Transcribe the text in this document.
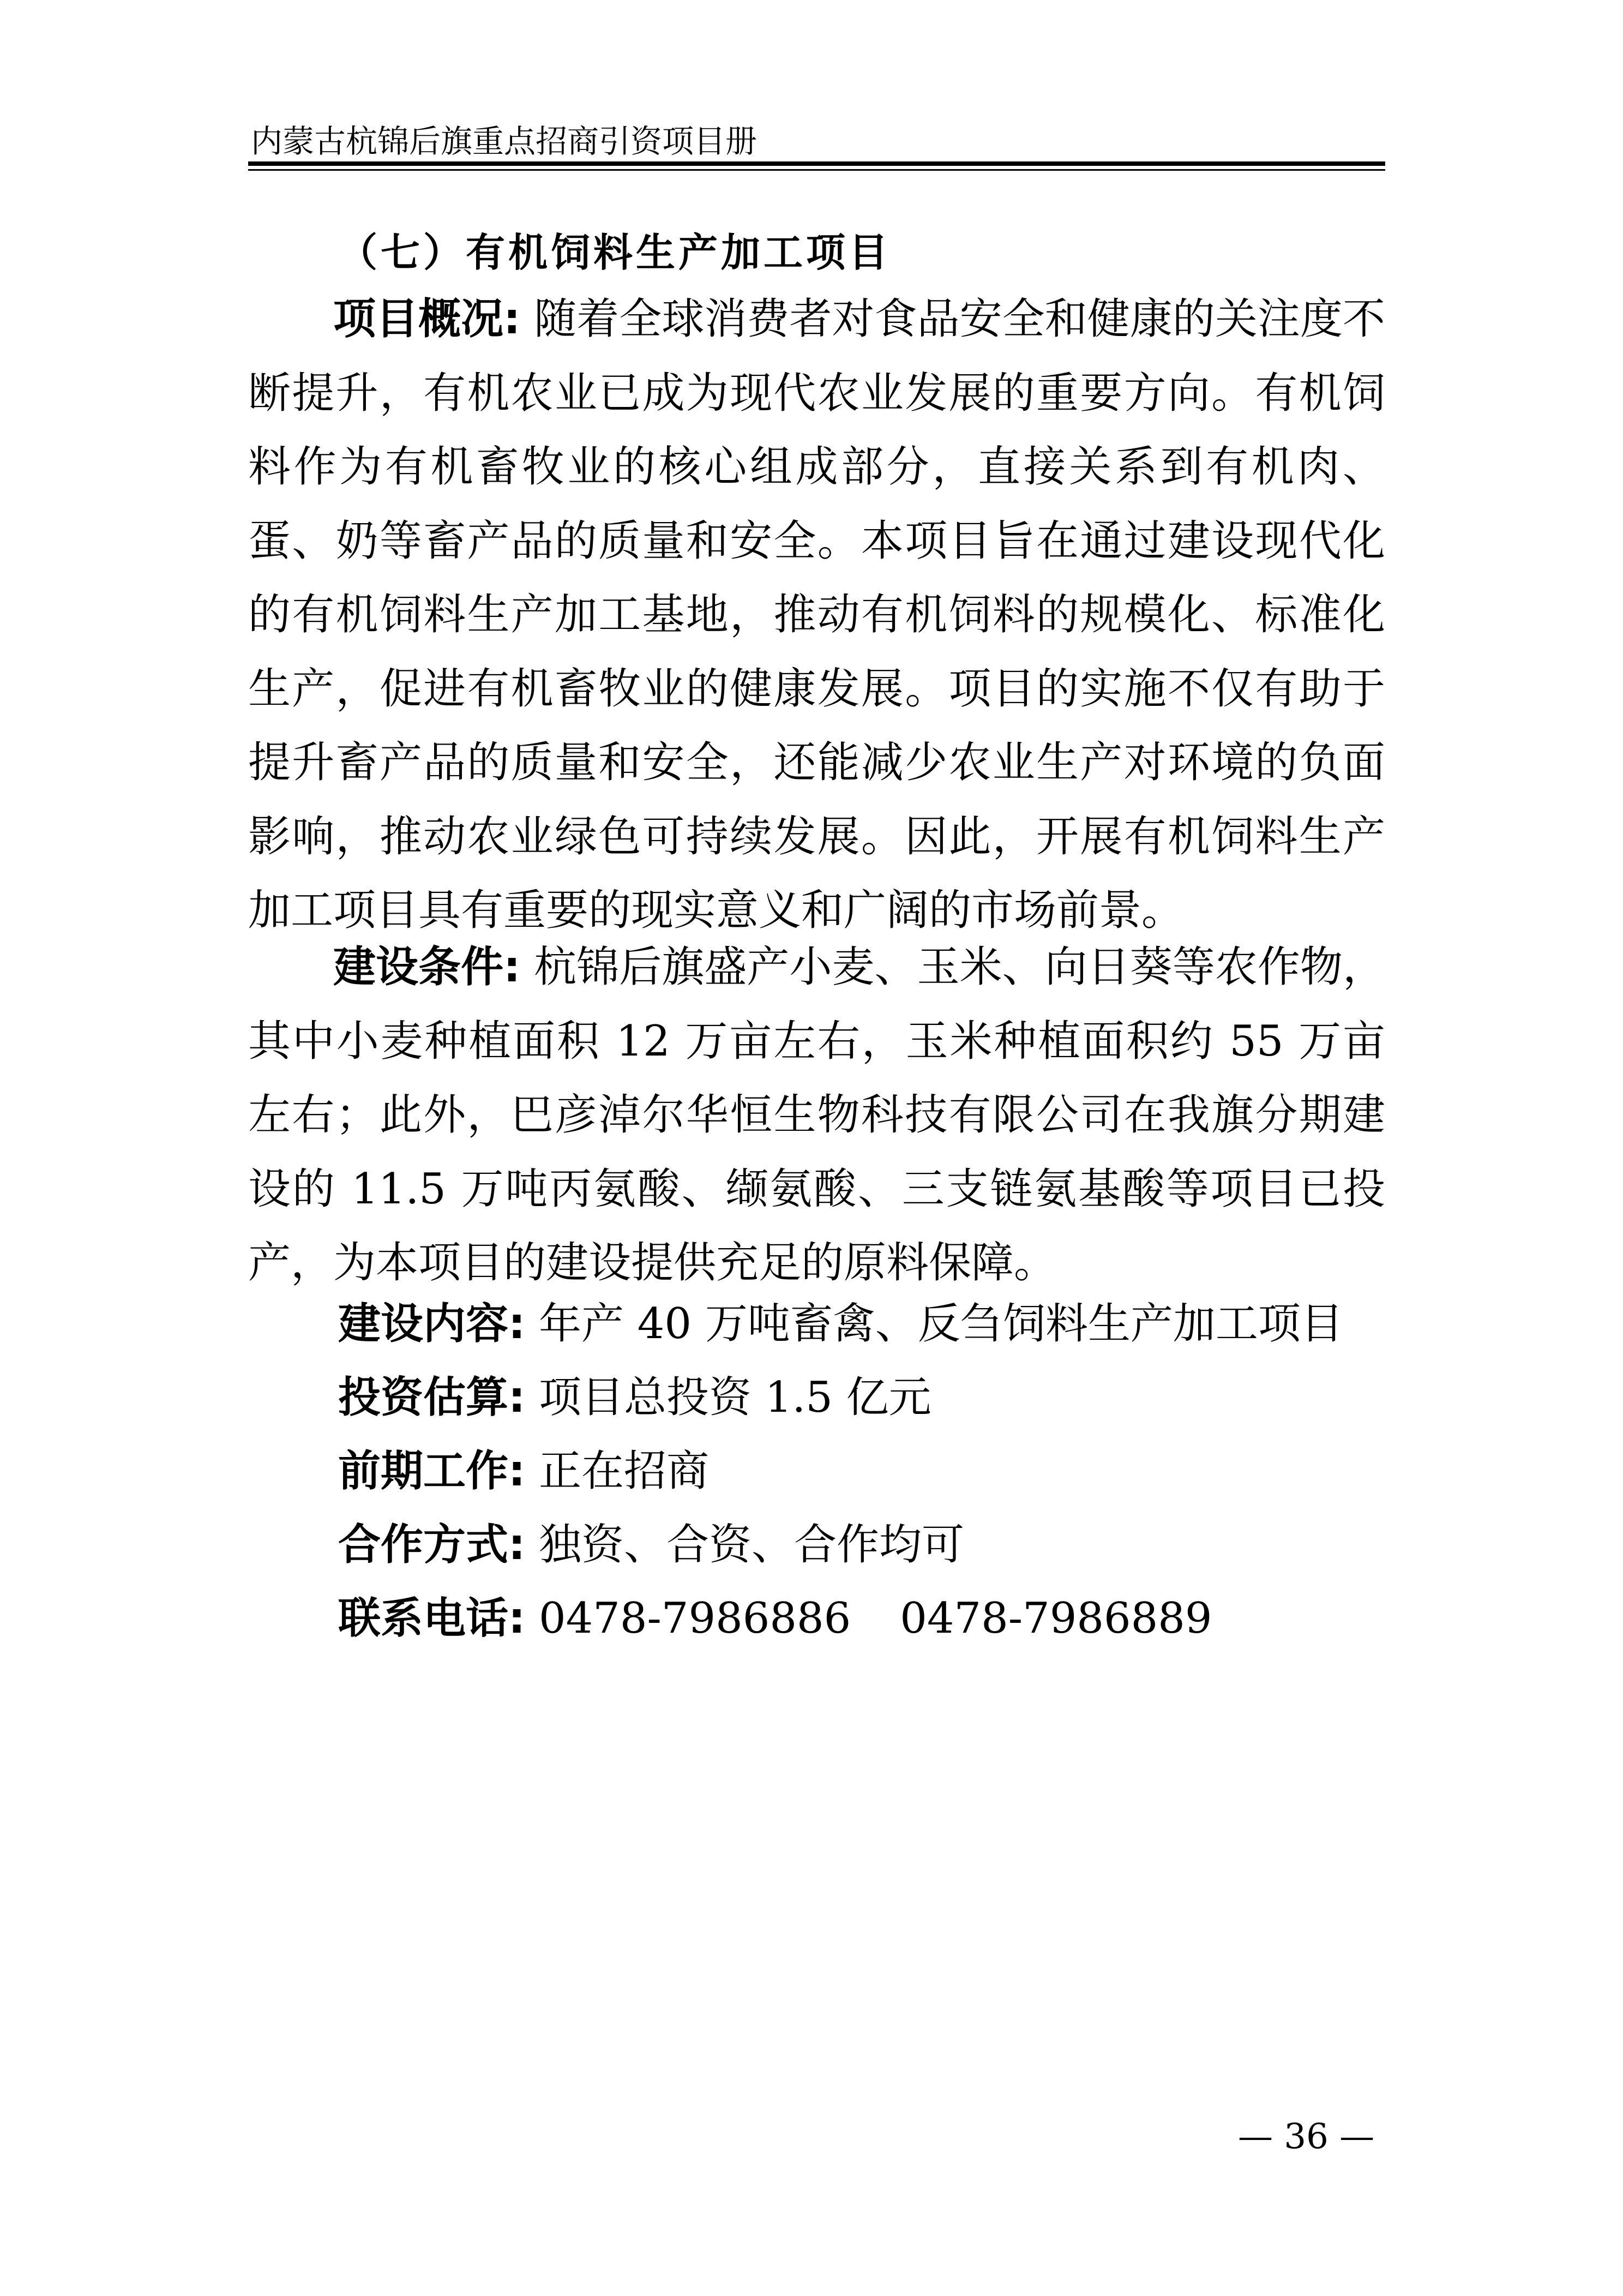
内蒙古杭锦后旗重点招商引资项目册
（七）有机饲料生产加工项目

项目概况: 随着全球消费者对食品安全和健康的关注度不断提升，有机农业已成为现代农业发展的重要方向。有机饲料作为有机畜牧业的核心组成部分，直接关系到有机肉、蛋、奶等畜产品的质量和安全。本项目旨在通过建设现代化的有机饲料生产加工基地，推动有机饲料的规模化、标准化生产，促进有机畜牧业的健康发展。项目的实施不仅有助于提升畜产品的质量和安全，还能减少农业生产对环境的负面影响，推动农业绿色可持续发展。因此，开展有机饲料生产加工项目具有重要的现实意义和广阔的市场前景。

建设条件: 杭锦后旗盛产小麦、玉米、向日葵等农作物，其中小麦种植面积 12 万亩左右，玉米种植面积约 55 万亩左右；此外，巴彦淖尔华恒生物科技有限公司在我旗分期建设的 11.5 万吨丙氨酸、缬氨酸、三支链氨基酸等项目已投产，为本项目的建设提供充足的原料保障。

建设内容: 年产 40 万吨畜禽、反刍饲料生产加工项目

投资估算: 项目总投资 1.5 亿元

前期工作: 正在招商

合作方式: 独资、合资、合作均可

联系电话: 0478-7986886 0478-7986889

— 36 —
